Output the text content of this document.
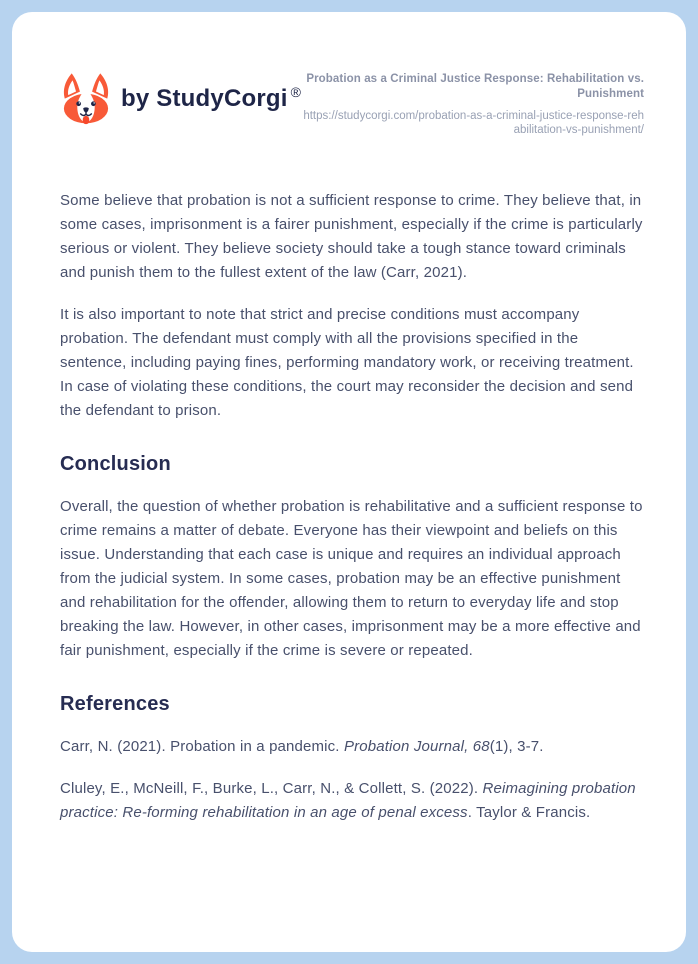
by StudyCorgi ®
Probation as a Criminal Justice Response: Rehabilitation vs. Punishment
https://studycorgi.com/probation-as-a-criminal-justice-response-rehabilitation-vs-punishment/

Some believe that probation is not a sufficient response to crime. They believe that, in some cases, imprisonment is a fairer punishment, especially if the crime is particularly serious or violent. They believe society should take a tough stance toward criminals and punish them to the fullest extent of the law (Carr, 2021).

It is also important to note that strict and precise conditions must accompany probation. The defendant must comply with all the provisions specified in the sentence, including paying fines, performing mandatory work, or receiving treatment. In case of violating these conditions, the court may reconsider the decision and send the defendant to prison.

Conclusion

Overall, the question of whether probation is rehabilitative and a sufficient response to crime remains a matter of debate. Everyone has their viewpoint and beliefs on this issue. Understanding that each case is unique and requires an individual approach from the judicial system. In some cases, probation may be an effective punishment and rehabilitation for the offender, allowing them to return to everyday life and stop breaking the law. However, in other cases, imprisonment may be a more effective and fair punishment, especially if the crime is severe or repeated.

References

Carr, N. (2021). Probation in a pandemic. Probation Journal, 68(1), 3-7.

Cluley, E., McNeill, F., Burke, L., Carr, N., & Collett, S. (2022). Reimagining probation practice: Re-forming rehabilitation in an age of penal excess. Taylor & Francis.
